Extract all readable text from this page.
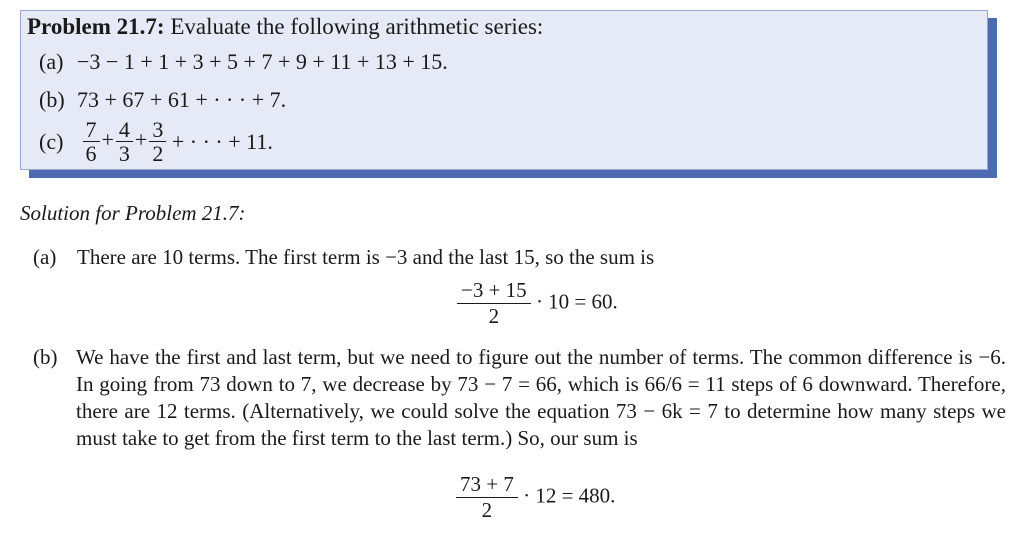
Problem 21.7: Evaluate the following arithmetic series:
(a) −3 − 1 + 1 + 3 + 5 + 7 + 9 + 11 + 13 + 15.
(b) 73 + 67 + 61 + · · · + 7.
$(c) \frac{7}{6} + \frac{4}{3} + \frac{3}{2}$ + · · · + 11.
Solution for Problem 21.7:
(a) There are 10 terms. The first term is −3 and the last 15, so the sum is
$\frac{-3 + 15}{2} \cdot 10 = 60$.
(b) We have the first and last term, but we need to figure out the number of terms. The common difference is −6. In going from 73 down to 7, we decrease by 73 − 7 = 66, which is 66/6 = 11 steps of 6 downward. Therefore, there are 12 terms. (Alternatively, we could solve the equation 73 − 6k = 7 to determine how many steps we must take to get from the first term to the last term.) So, our sum is
$\frac{73 + 7}{2} \cdot 12 = 480$.
